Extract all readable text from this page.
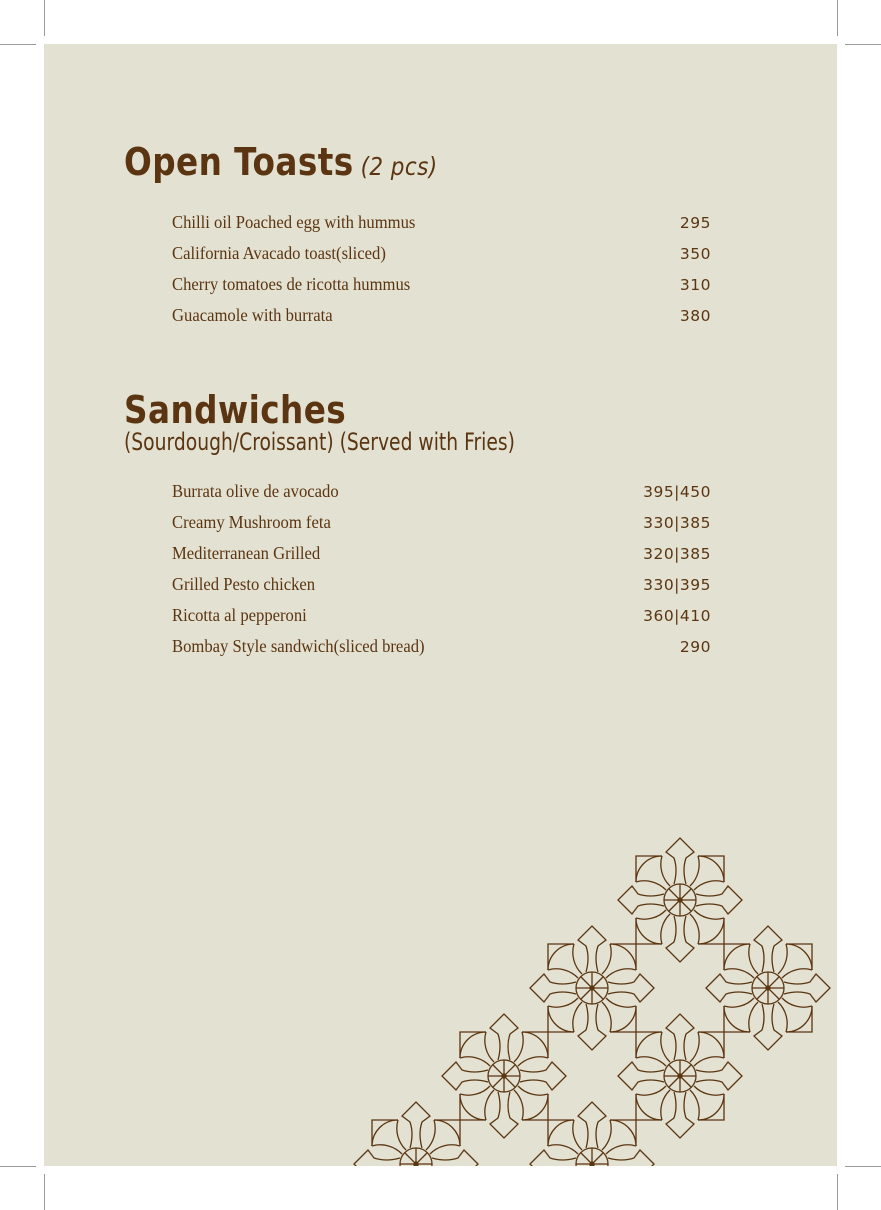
Open Toasts (2 pcs)
Chilli oil Poached egg with hummus	295
California Avacado toast(sliced)	350
Cherry tomatoes de ricotta hummus	310
Guacamole with burrata	380
Sandwiches
(Sourdough/Croissant) (Served with Fries)
Burrata olive de avocado	395|450
Creamy Mushroom feta	330|385
Mediterranean Grilled	320|385
Grilled Pesto chicken	330|395
Ricotta al pepperoni	360|410
Bombay Style sandwich(sliced bread)	290
